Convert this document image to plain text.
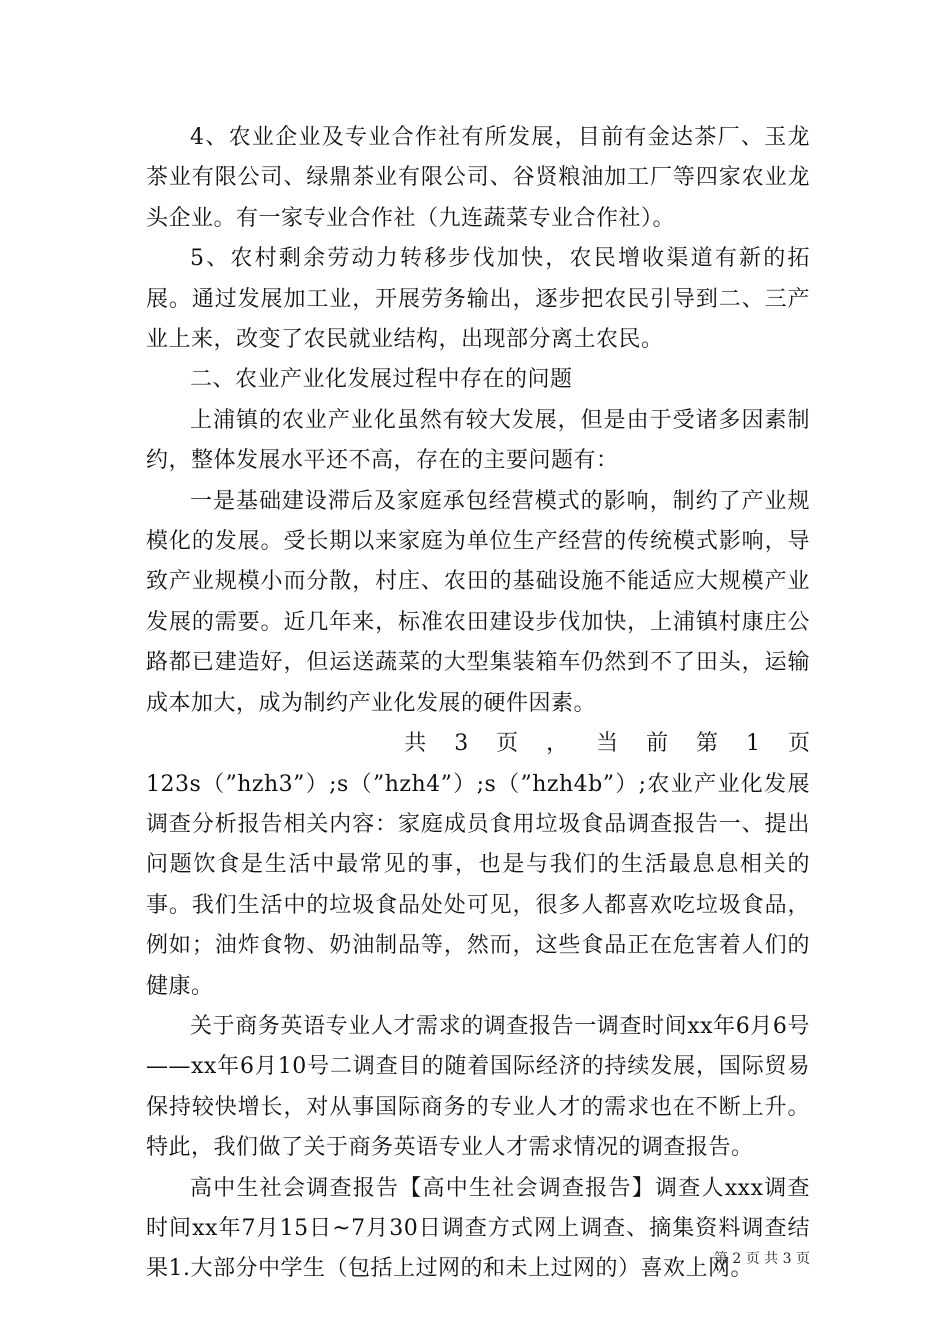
4、农业企业及专业合作社有所发展，目前有金达茶厂、玉龙茶业有限公司、绿鼎茶业有限公司、谷贤粮油加工厂等四家农业龙头企业。有一家专业合作社（九连蔬菜专业合作社）。

5、农村剩余劳动力转移步伐加快，农民增收渠道有新的拓展。通过发展加工业，开展劳务输出，逐步把农民引导到二、三产业上来，改变了农民就业结构，出现部分离土农民。

二、农业产业化发展过程中存在的问题

上浦镇的农业产业化虽然有较大发展，但是由于受诸多因素制约，整体发展水平还不高，存在的主要问题有：

一是基础建设滞后及家庭承包经营模式的影响，制约了产业规模化的发展。受长期以来家庭为单位生产经营的传统模式影响，导致产业规模小而分散，村庄、农田的基础设施不能适应大规模产业发展的需要。近几年来，标准农田建设步伐加快，上浦镇村康庄公路都已建造好，但运送蔬菜的大型集装箱车仍然到不了田头，运输成本加大，成为制约产业化发展的硬件因素。

共    3    页    ，    当    前    第    1    页

123s（”hzh3”）;s（”hzh4”）;s（”hzh4b”）;农业产业化发展调查分析报告相关内容：家庭成员食用垃圾食品调查报告一、提出问题饮食是生活中最常见的事，也是与我们的生活最息息相关的事。我们生活中的垃圾食品处处可见，很多人都喜欢吃垃圾食品，例如；油炸食物、奶油制品等，然而，这些食品正在危害着人们的健康。

关于商务英语专业人才需求的调查报告一调查时间xx年6月6号——xx年6月10号二调查目的随着国际经济的持续发展，国际贸易保持较快增长，对从事国际商务的专业人才的需求也在不断上升。特此，我们做了关于商务英语专业人才需求情况的调查报告。

高中生社会调查报告【高中生社会调查报告】调查人xxx调查时间xx年7月15日~7月30日调查方式网上调查、摘集资料调查结果1.大部分中学生（包括上过网的和未上过网的）喜欢上网。

第 2 页 共 3 页
